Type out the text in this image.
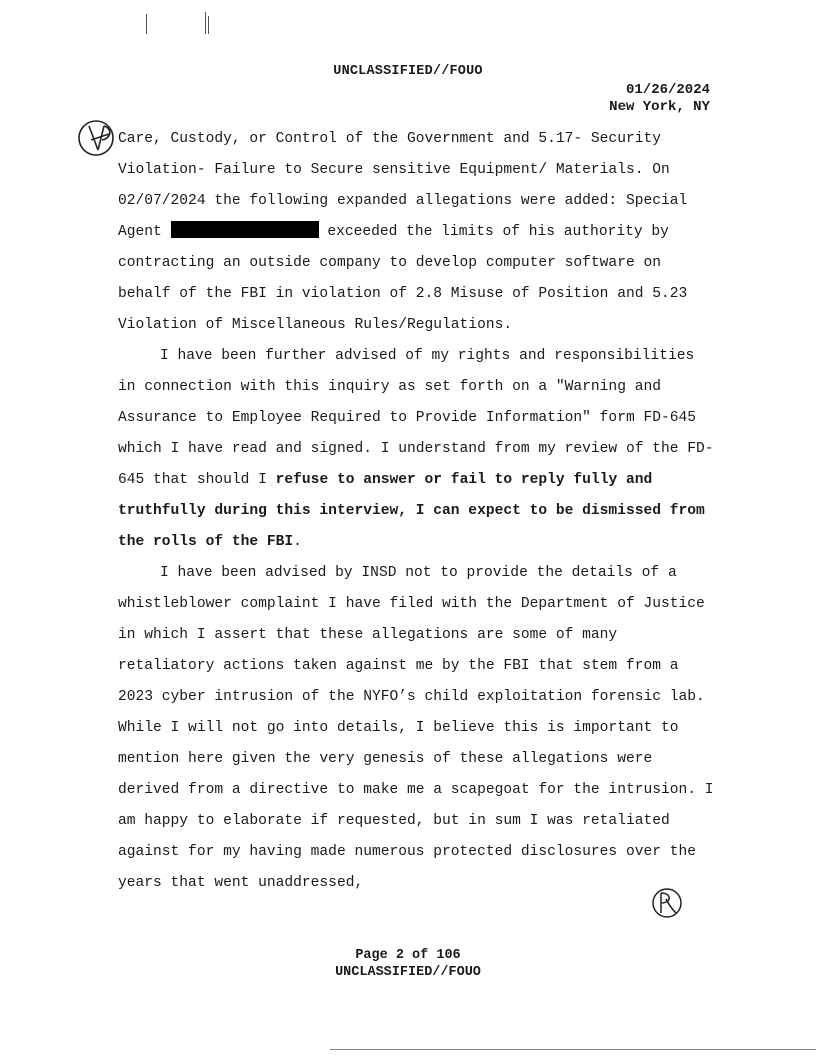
UNCLASSIFIED//FOUO
01/26/2024
New York, NY

Care, Custody, or Control of the Government and 5.17- Security Violation- Failure to Secure sensitive Equipment/ Materials. On 02/07/2024 the following expanded allegations were added: Special Agent	exceeded the limits of his authority by contracting an outside company to develop computer software on behalf of the FBI in violation of 2.8 Misuse of Position and 5.23 Violation of Miscellaneous Rules/Regulations.

I have been further advised of my rights and responsibilities in connection with this inquiry as set forth on a "Warning and Assurance to Employee Required to Provide Information" form FD-645 which I have read and signed. I understand from my review of the FD-645 that should I refuse to answer or fail to reply fully and truthfully during this interview, I can expect to be dismissed from the rolls of the FBI.

I have been advised by INSD not to provide the details of a whistleblower complaint I have filed with the Department of Justice in which I assert that these allegations are some of many retaliatory actions taken against me by the FBI that stem from a 2023 cyber intrusion of the NYFO’s child exploitation forensic lab. While I will not go into details, I believe this is important to mention here given the very genesis of these allegations were derived from a directive to make me a scapegoat for the intrusion. I am happy to elaborate if requested, but in sum I was retaliated against for my having made numerous protected disclosures over the years that went unaddressed,

Page 2 of 106
UNCLASSIFIED//FOUO
